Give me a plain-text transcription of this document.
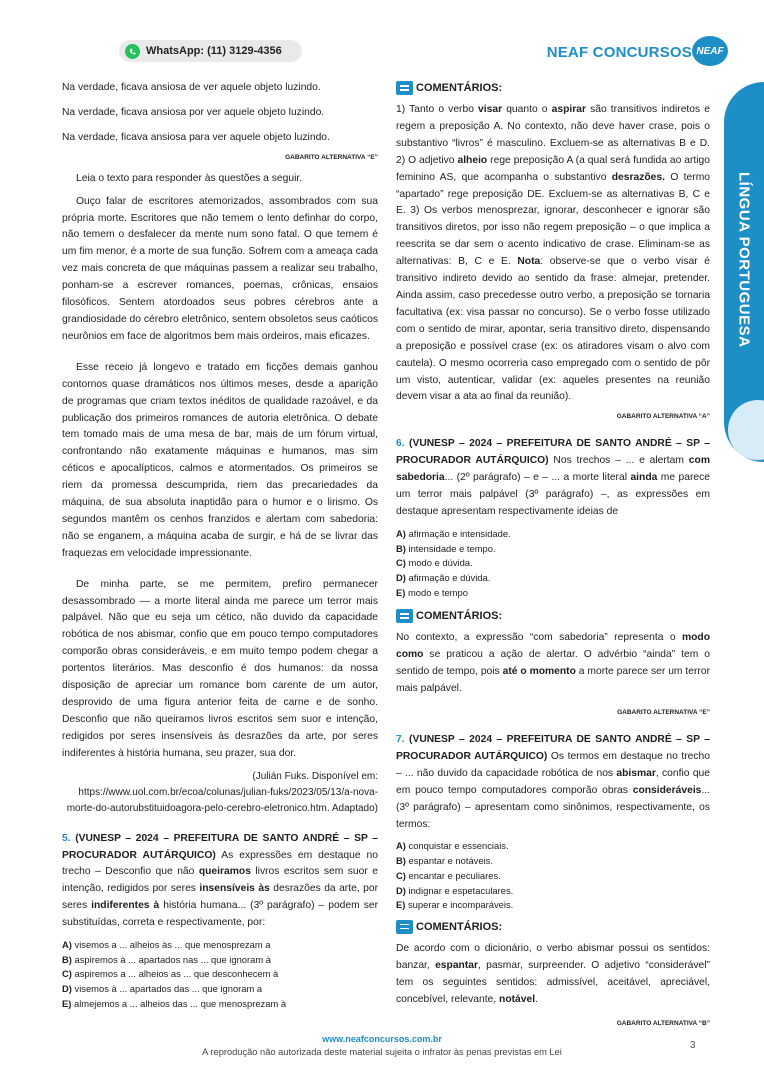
WhatsApp: (11) 3129-4356	NEAF CONCURSOS NEAF
LÍNGUA PORTUGUESA

Na verdade, ficava ansiosa de ver aquele objeto luzindo.

Na verdade, ficava ansiosa por ver aquele objeto luzindo.

Na verdade, ficava ansiosa para ver aquele objeto luzindo.

GABARITO ALTERNATIVA “E”

Leia o texto para responder às questões a seguir.

Ouço falar de escritores atemorizados, assombrados com sua própria morte. Escritores que não temem o lento definhar do corpo, não temem o desfalecer da mente num sono fatal. O que temem é um fim menor, é a morte de sua função. Sofrem com a ameaça cada vez mais concreta de que máquinas passem a realizar seu trabalho, ponham-se a escrever romances, poemas, crônicas, ensaios filosóficos. Sentem atordoados seus pobres cérebros ante a grandiosidade do cérebro eletrônico, sentem obsoletos seus caóticos neurônios em face de algoritmos bem mais ordeiros, mais eficazes.

Esse receio já longevo e tratado em ficções demais ganhou contornos quase dramáticos nos últimos meses, desde a aparição de programas que criam textos inéditos de qualidade razoável, e da publicação dos primeiros romances de autoria eletrônica. O debate tem tomado mais de uma mesa de bar, mais de um fórum virtual, confrontando não exatamente máquinas e humanos, mas sim céticos e apocalípticos, calmos e atormentados. Os primeiros se riem da promessa descumprida, riem das precariedades da máquina, de sua absoluta inaptidão para o humor e o lirismo. Os segundos mantêm os cenhos franzidos e alertam com sabedoria: não se enganem, a máquina acaba de surgir, e há de se livrar das fraquezas em velocidade impressionante.

De minha parte, se me permitem, prefiro permanecer desassombrado — a morte literal ainda me parece um terror mais palpável. Não que eu seja um cético, não duvido da capacidade robótica de nos abismar, confio que em pouco tempo computadores comporão obras consideráveis, e em muito tempo podem chegar a portentos literários. Mas desconfio é dos humanos: da nossa disposição de apreciar um romance bom carente de um autor, desprovido de uma figura anterior feita de carne e de sonho. Desconfio que não queiramos livros escritos sem suor e intenção, redigidos por seres insensíveis às desrazões da arte, por seres indiferentes à história humana, seu prazer, sua dor.

(Julián Fuks. Disponível em: https://www.uol.com.br/ecoa/colunas/julian-fuks/2023/05/13/a-nova-morte-do-autorubstituidoagora-pelo-cerebro-eletronico.htm. Adaptado)

5. (VUNESP – 2024 – PREFEITURA DE SANTO ANDRÉ – SP – PROCURADOR AUTÁRQUICO) As expressões em destaque no trecho – Desconfio que não queiramos livros escritos sem suor e intenção, redigidos por seres insensíveis às desrazões da arte, por seres indiferentes à história humana... (3º parágrafo) – podem ser substituídas, correta e respectivamente, por:

A) visemos a ... alheios às ... que menosprezam a
B) aspiremos à ... apartados nas ... que ignoram à
C) aspiremos a ... alheios as ... que desconhecem à
D) visemos à ... apartados das ... que ignoram a
E) almejemos a ... alheios das ... que menosprezam à
COMENTÁRIOS:

1) Tanto o verbo visar quanto o aspirar são transitivos indiretos e regem a preposição A. No contexto, não deve haver crase, pois o substantivo “livros” é masculino. Excluem-se as alternativas B e D. 2) O adjetivo alheio rege preposição A (a qual será fundida ao artigo feminino AS, que acompanha o substantivo desrazões. O termo “apartado” rege preposição DE. Excluem-se as alternativas B, C e E. 3) Os verbos menosprezar, ignorar, desconhecer e ignorar são transitivos diretos, por isso não regem preposição – o que implica a reescrita se dar sem o acento indicativo de crase. Eliminam-se as alternativas: B, C e E. Nota: observe-se que o verbo visar é transitivo indireto devido ao sentido da frase: almejar, pretender. Ainda assim, caso precedesse outro verbo, a preposição se tornaria facultativa (ex: visa passar no concurso). Se o verbo fosse utilizado com o sentido de mirar, apontar, seria transitivo direto, dispensando a preposição e possível crase (ex: os atiradores visam o alvo com cautela). O mesmo ocorreria caso empregado com o sentido de pôr um visto, autenticar, validar (ex: aqueles presentes na reunião devem visar a ata ao final da reunião).

GABARITO ALTERNATIVA “A”

6. (VUNESP – 2024 – PREFEITURA DE SANTO ANDRÉ – SP – PROCURADOR AUTÁRQUICO) Nos trechos – ... e alertam com sabedoria... (2º parágrafo) – e – ... a morte literal ainda me parece um terror mais palpável (3º parágrafo) –, as expressões em destaque apresentam respectivamente ideias de

A) afirmação e intensidade.
B) intensidade e tempo.
C) modo e dúvida.
D) afirmação e dúvida.
E) modo e tempo
COMENTÁRIOS:

No contexto, a expressão “com sabedoria” representa o modo como se praticou a ação de alertar. O advérbio “ainda” tem o sentido de tempo, pois até o momento a morte parece ser um terror mais palpável.

GABARITO ALTERNATIVA “E”

7. (VUNESP – 2024 – PREFEITURA DE SANTO ANDRÉ – SP – PROCURADOR AUTÁRQUICO) Os termos em destaque no trecho – ... não duvido da capacidade robótica de nos abismar, confio que em pouco tempo computadores comporão obras consideráveis... (3º parágrafo) – apresentam como sinônimos, respectivamente, os termos:

A) conquistar e essenciais.
B) espantar e notáveis.
C) encantar e peculiares.
D) indignar e espetaculares.
E) superar e incomparáveis.
COMENTÁRIOS:

De acordo com o dicionário, o verbo abismar possui os sentidos: banzar, espantar, pasmar, surpreender. O adjetivo “considerável” tem os seguintes sentidos: admissível, aceitável, apreciável, concebível, relevante, notável.

GABARITO ALTERNATIVA “B”

www.neafconcursos.com.br
A reprodução não autorizada deste material sujeita o infrator às penas previstas em Lei
3
